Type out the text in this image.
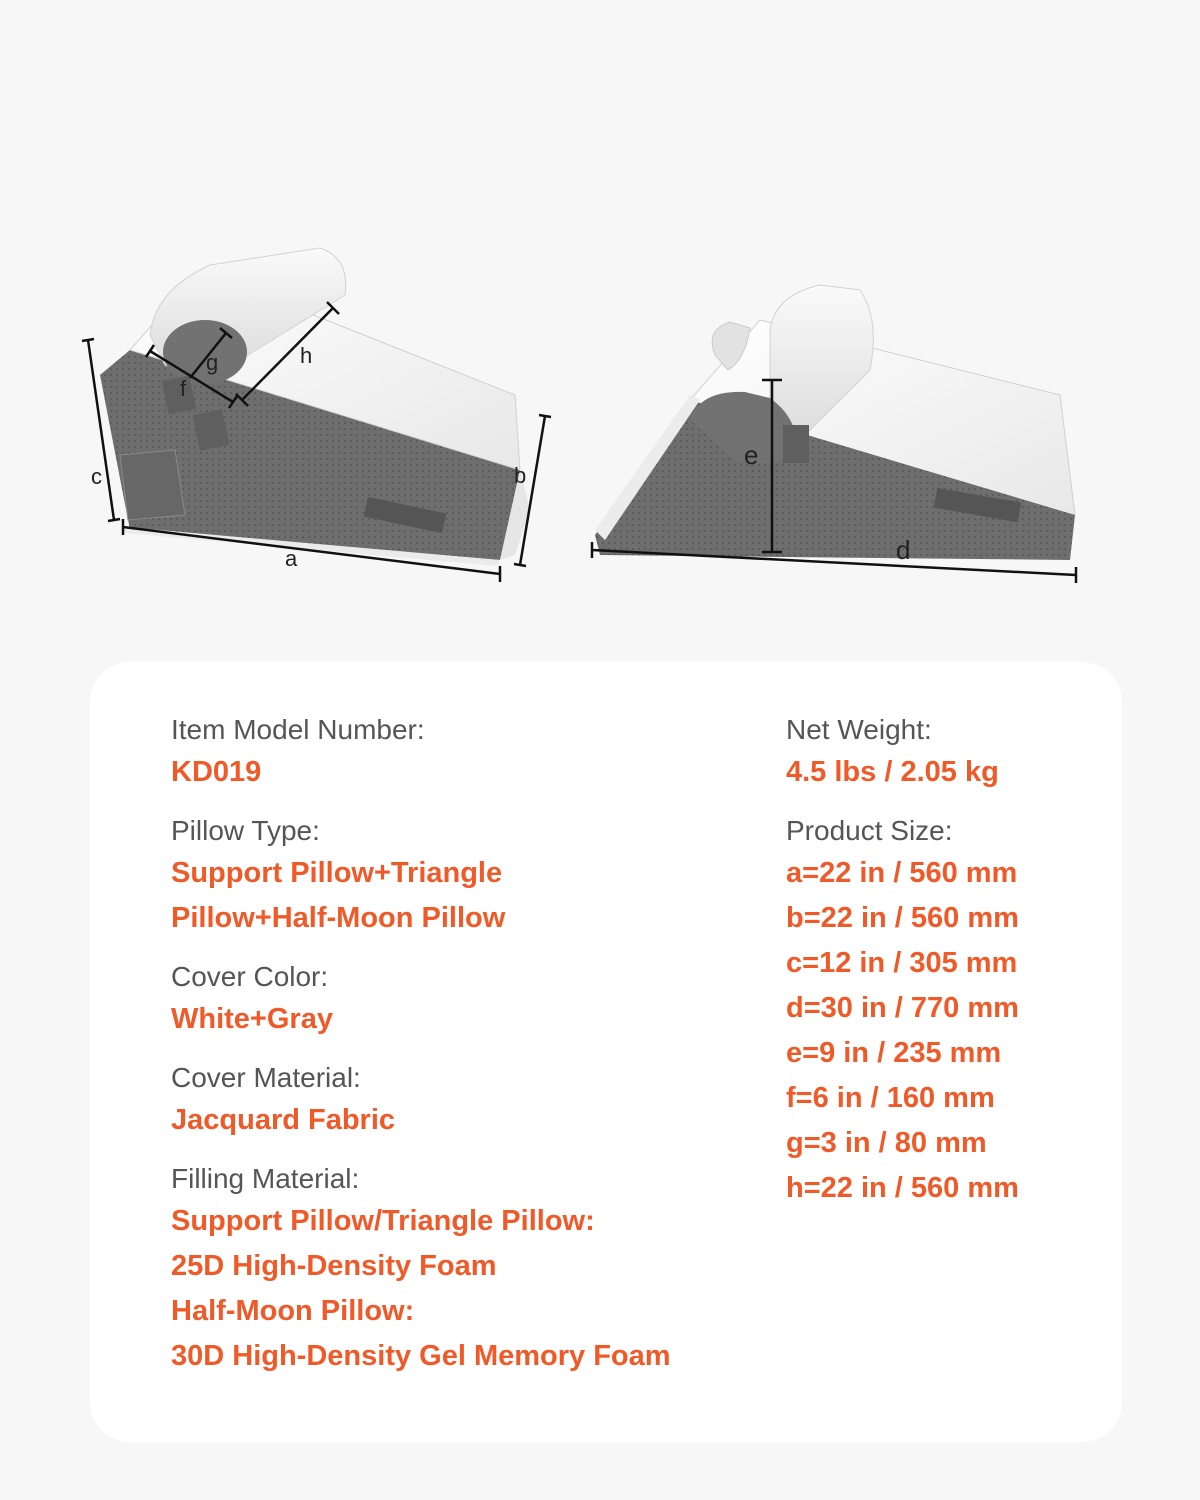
c
a
b
g
f
h
e
d

Item Model Number:

KD019

Pillow Type:

Support Pillow+Triangle

Pillow+Half-Moon Pillow

Cover Color:

White+Gray

Cover Material:

Jacquard Fabric

Filling Material:

Support Pillow/Triangle Pillow:

25D High-Density Foam

Half-Moon Pillow:

30D High-Density Gel Memory Foam

Net Weight:

4.5 lbs / 2.05 kg

Product Size:

a=22 in / 560 mm

b=22 in / 560 mm

c=12 in / 305 mm

d=30 in / 770 mm

e=9 in / 235 mm

f=6 in / 160 mm

g=3 in / 80 mm

h=22 in / 560 mm
